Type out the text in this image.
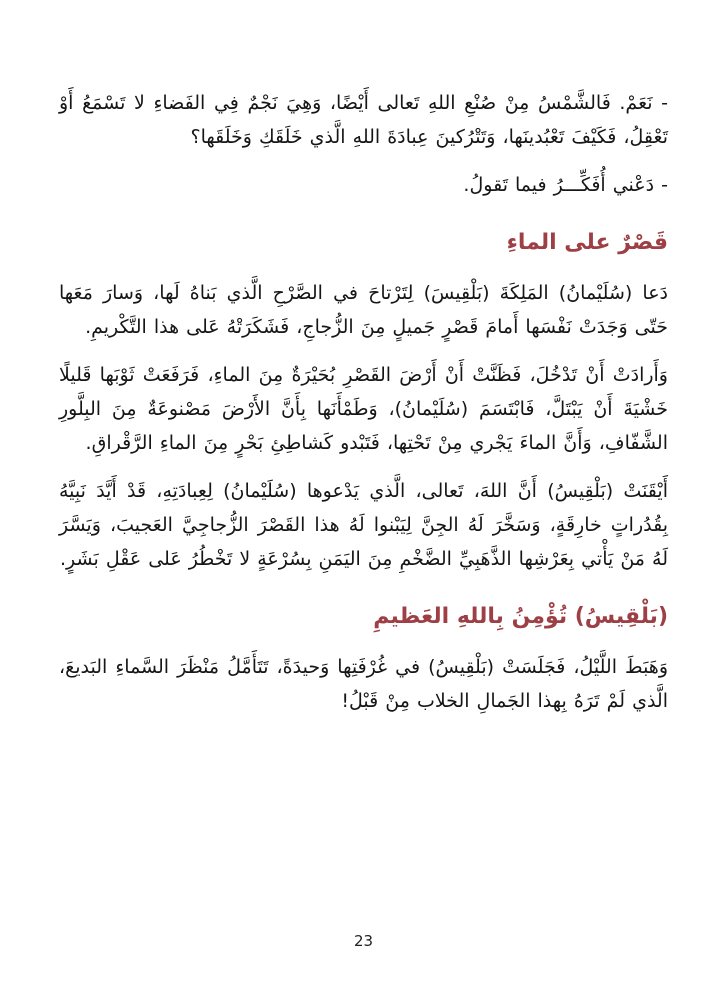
- نَعَمْ. فَالشَّمْسُ مِنْ صُنْعِ اللهِ تَعالى أَيْضًا، وَهِيَ نَجْمٌ فِي الفَضاءِ لا تَسْمَعُ أَوْ تَعْقِلُ، فَكَيْفَ تَعْبُدينَها، وَتَتْرُكينَ عِبادَةَ اللهِ الَّذي خَلَقَكِ وَخَلَقَها؟

- دَعْني أُفَكِّـــرُ فيما تَقولُ.

قَصْرٌ على الماءِ

دَعا (سُلَيْمانُ) المَلِكَةَ (بَلْقِيسَ) لِتَرْتاحَ في الصَّرْحِ الَّذي بَناهُ لَها، وَسارَ مَعَها حَتّى وَجَدَتْ نَفْسَها أَمامَ قَصْرٍ جَميلٍ مِنَ الزُّجاجِ، فَشَكَرَتْهُ عَلى هذا التَّكْريمِ.

وَأَرادَتْ أَنْ تَدْخُلَ، فَظَنَّتْ أَنْ أَرْضَ القَصْرِ بُحَيْرَةٌ مِنَ الماءِ، فَرَفَعَتْ ثَوْبَها قَليلًا خَشْيَةَ أَنْ يَبْتَلَّ، فَابْتَسَمَ (سُلَيْمانُ)، وَطَمْأَنَها بِأَنَّ الأَرْضَ مَصْنوعَةٌ مِنَ البِلَّورِ الشَّفّافِ، وَأَنَّ الماءَ يَجْري مِنْ تَحْتِها، فَتَبْدو كَشاطِئِ بَحْرٍ مِنَ الماءِ الرَّقْراقِ.

أَيْقَنَتْ (بَلْقِيسُ) أَنَّ اللهَ، تَعالى، الَّذي يَدْعوها (سُلَيْمانُ) لِعِبادَتِهِ، قَدْ أَيَّدَ نَبِيَّهُ بِقُدُراتٍ خارِقَةٍ، وَسَخَّرَ لَهُ الجِنَّ لِيَبْنوا لَهُ هذا القَصْرَ الزُّجاجِيَّ العَجيبَ، وَيَسَّرَ لَهُ مَنْ يَأْتي بِعَرْشِها الذَّهَبِيِّ الضَّخْمِ مِنَ اليَمَنِ بِسُرْعَةٍ لا تَخْطُرُ عَلى عَقْلِ بَشَرٍ.

(بَلْقِيسُ) تُؤْمِنُ بِاللهِ العَظيمِ

وَهَبَطَ اللَّيْلُ، فَجَلَسَتْ (بَلْقِيسُ) في غُرْفَتِها وَحيدَةً، تَتَأَمَّلُ مَنْظَرَ السَّماءِ البَديعَ، الَّذي لَمْ تَرَهُ بِهذا الجَمالِ الخلاب مِنْ قَبْلُ!

23
